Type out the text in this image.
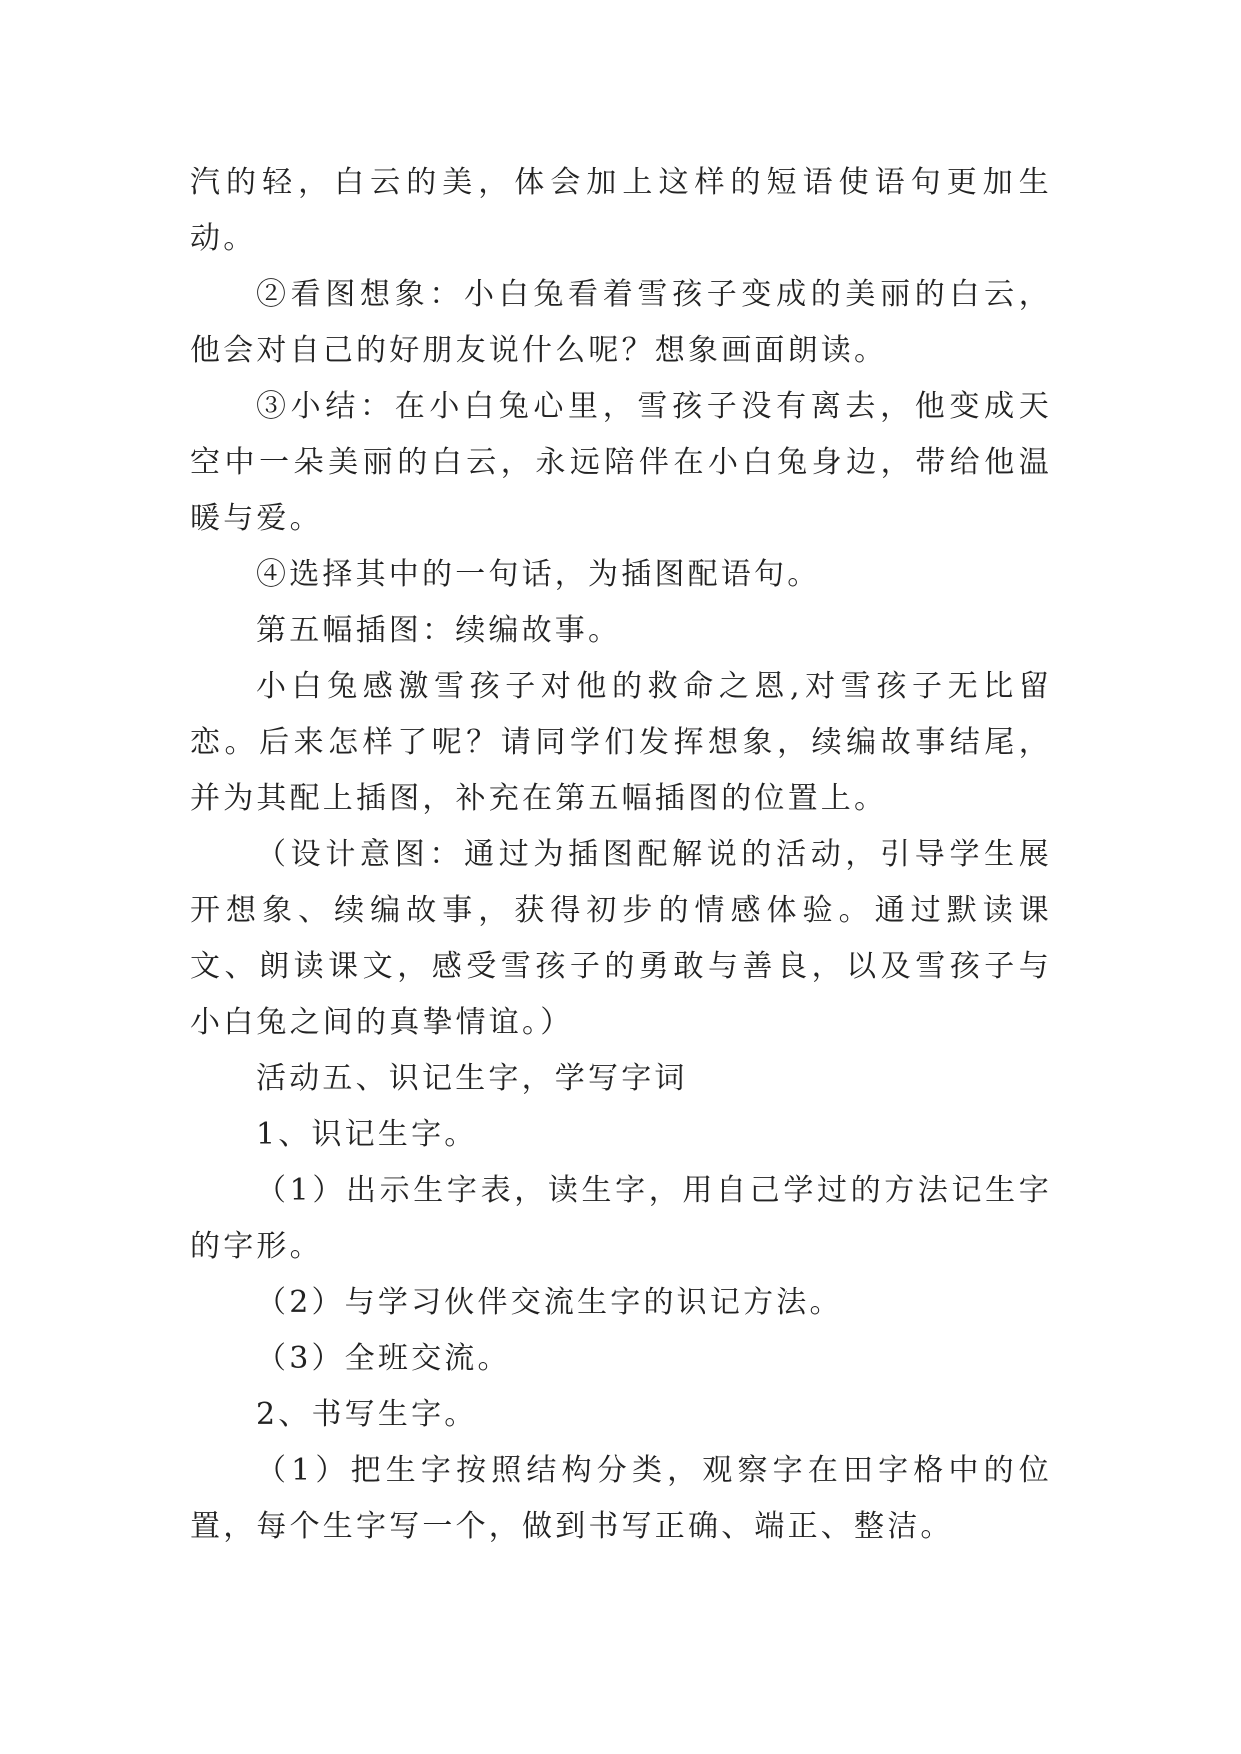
汽的轻，白云的美，体会加上这样的短语使语句更加生动。

②看图想象：小白兔看着雪孩子变成的美丽的白云，他会对自己的好朋友说什么呢？想象画面朗读。

③小结：在小白兔心里，雪孩子没有离去，他变成天空中一朵美丽的白云，永远陪伴在小白兔身边，带给他温暖与爱。

④选择其中的一句话，为插图配语句。

第五幅插图：续编故事。

小白兔感激雪孩子对他的救命之恩,对雪孩子无比留恋。后来怎样了呢？请同学们发挥想象，续编故事结尾，并为其配上插图，补充在第五幅插图的位置上。

（设计意图：通过为插图配解说的活动，引导学生展开想象、续编故事，获得初步的情感体验。通过默读课文、朗读课文，感受雪孩子的勇敢与善良，以及雪孩子与小白兔之间的真挚情谊。）

活动五、识记生字，学写字词

1、识记生字。

（1）出示生字表，读生字，用自己学过的方法记生字的字形。

（2）与学习伙伴交流生字的识记方法。

（3）全班交流。

2、书写生字。

（1）把生字按照结构分类，观察字在田字格中的位置，每个生字写一个，做到书写正确、端正、整洁。
